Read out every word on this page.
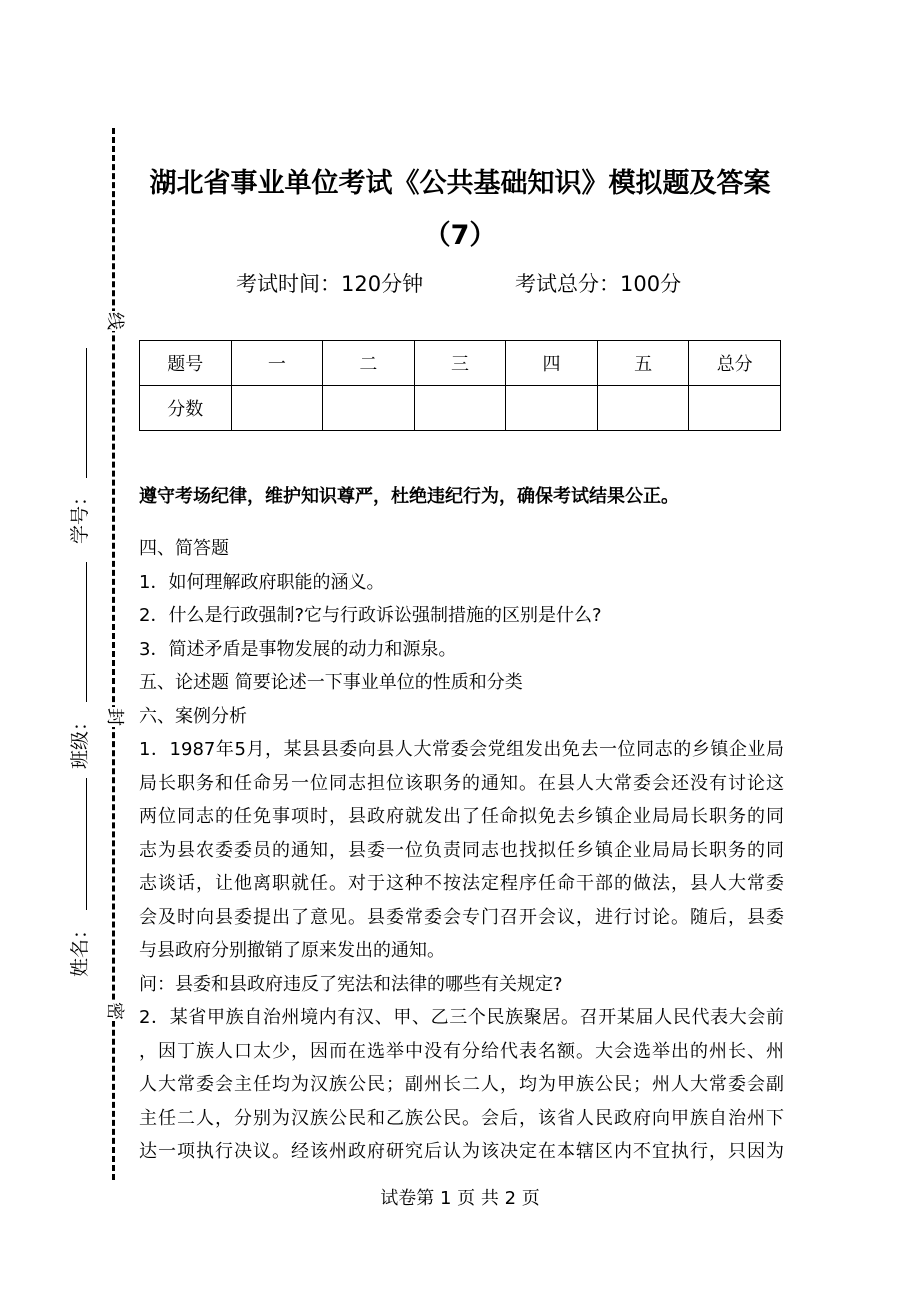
线
封
密
学号：
班级：
姓名：
湖北省事业单位考试《公共基础知识》模拟题及答案
（7）
考试时间：120分钟	考试总分：100分
题号	一	二	三	四	五	总分
分数						
遵守考场纪律，维护知识尊严，杜绝违纪行为，确保考试结果公正。
四、简答题
1．如何理解政府职能的涵义。
2．什么是行政强制?它与行政诉讼强制措施的区别是什么?
3．简述矛盾是事物发展的动力和源泉。
五、论述题 简要论述一下事业单位的性质和分类
六、案例分析
1．1987年5月，某县县委向县人大常委会党组发出免去一位同志的乡镇企业局
局长职务和任命另一位同志担位该职务的通知。在县人大常委会还没有讨论这
两位同志的任免事项时，县政府就发出了任命拟免去乡镇企业局局长职务的同
志为县农委委员的通知，县委一位负责同志也找拟任乡镇企业局局长职务的同
志谈话，让他离职就任。对于这种不按法定程序任命干部的做法，县人大常委
会及时向县委提出了意见。县委常委会专门召开会议，进行讨论。随后，县委
与县政府分别撤销了原来发出的通知。
问：县委和县政府违反了宪法和法律的哪些有关规定?
2．某省甲族自治州境内有汉、甲、乙三个民族聚居。召开某届人民代表大会前
，因丁族人口太少，因而在选举中没有分给代表名额。大会选举出的州长、州
人大常委会主任均为汉族公民；副州长二人，均为甲族公民；州人大常委会副
主任二人，分别为汉族公民和乙族公民。会后，该省人民政府向甲族自治州下
达一项执行决议。经该州政府研究后认为该决定在本辖区内不宜执行，只因为
试卷第 1 页 共 2 页
